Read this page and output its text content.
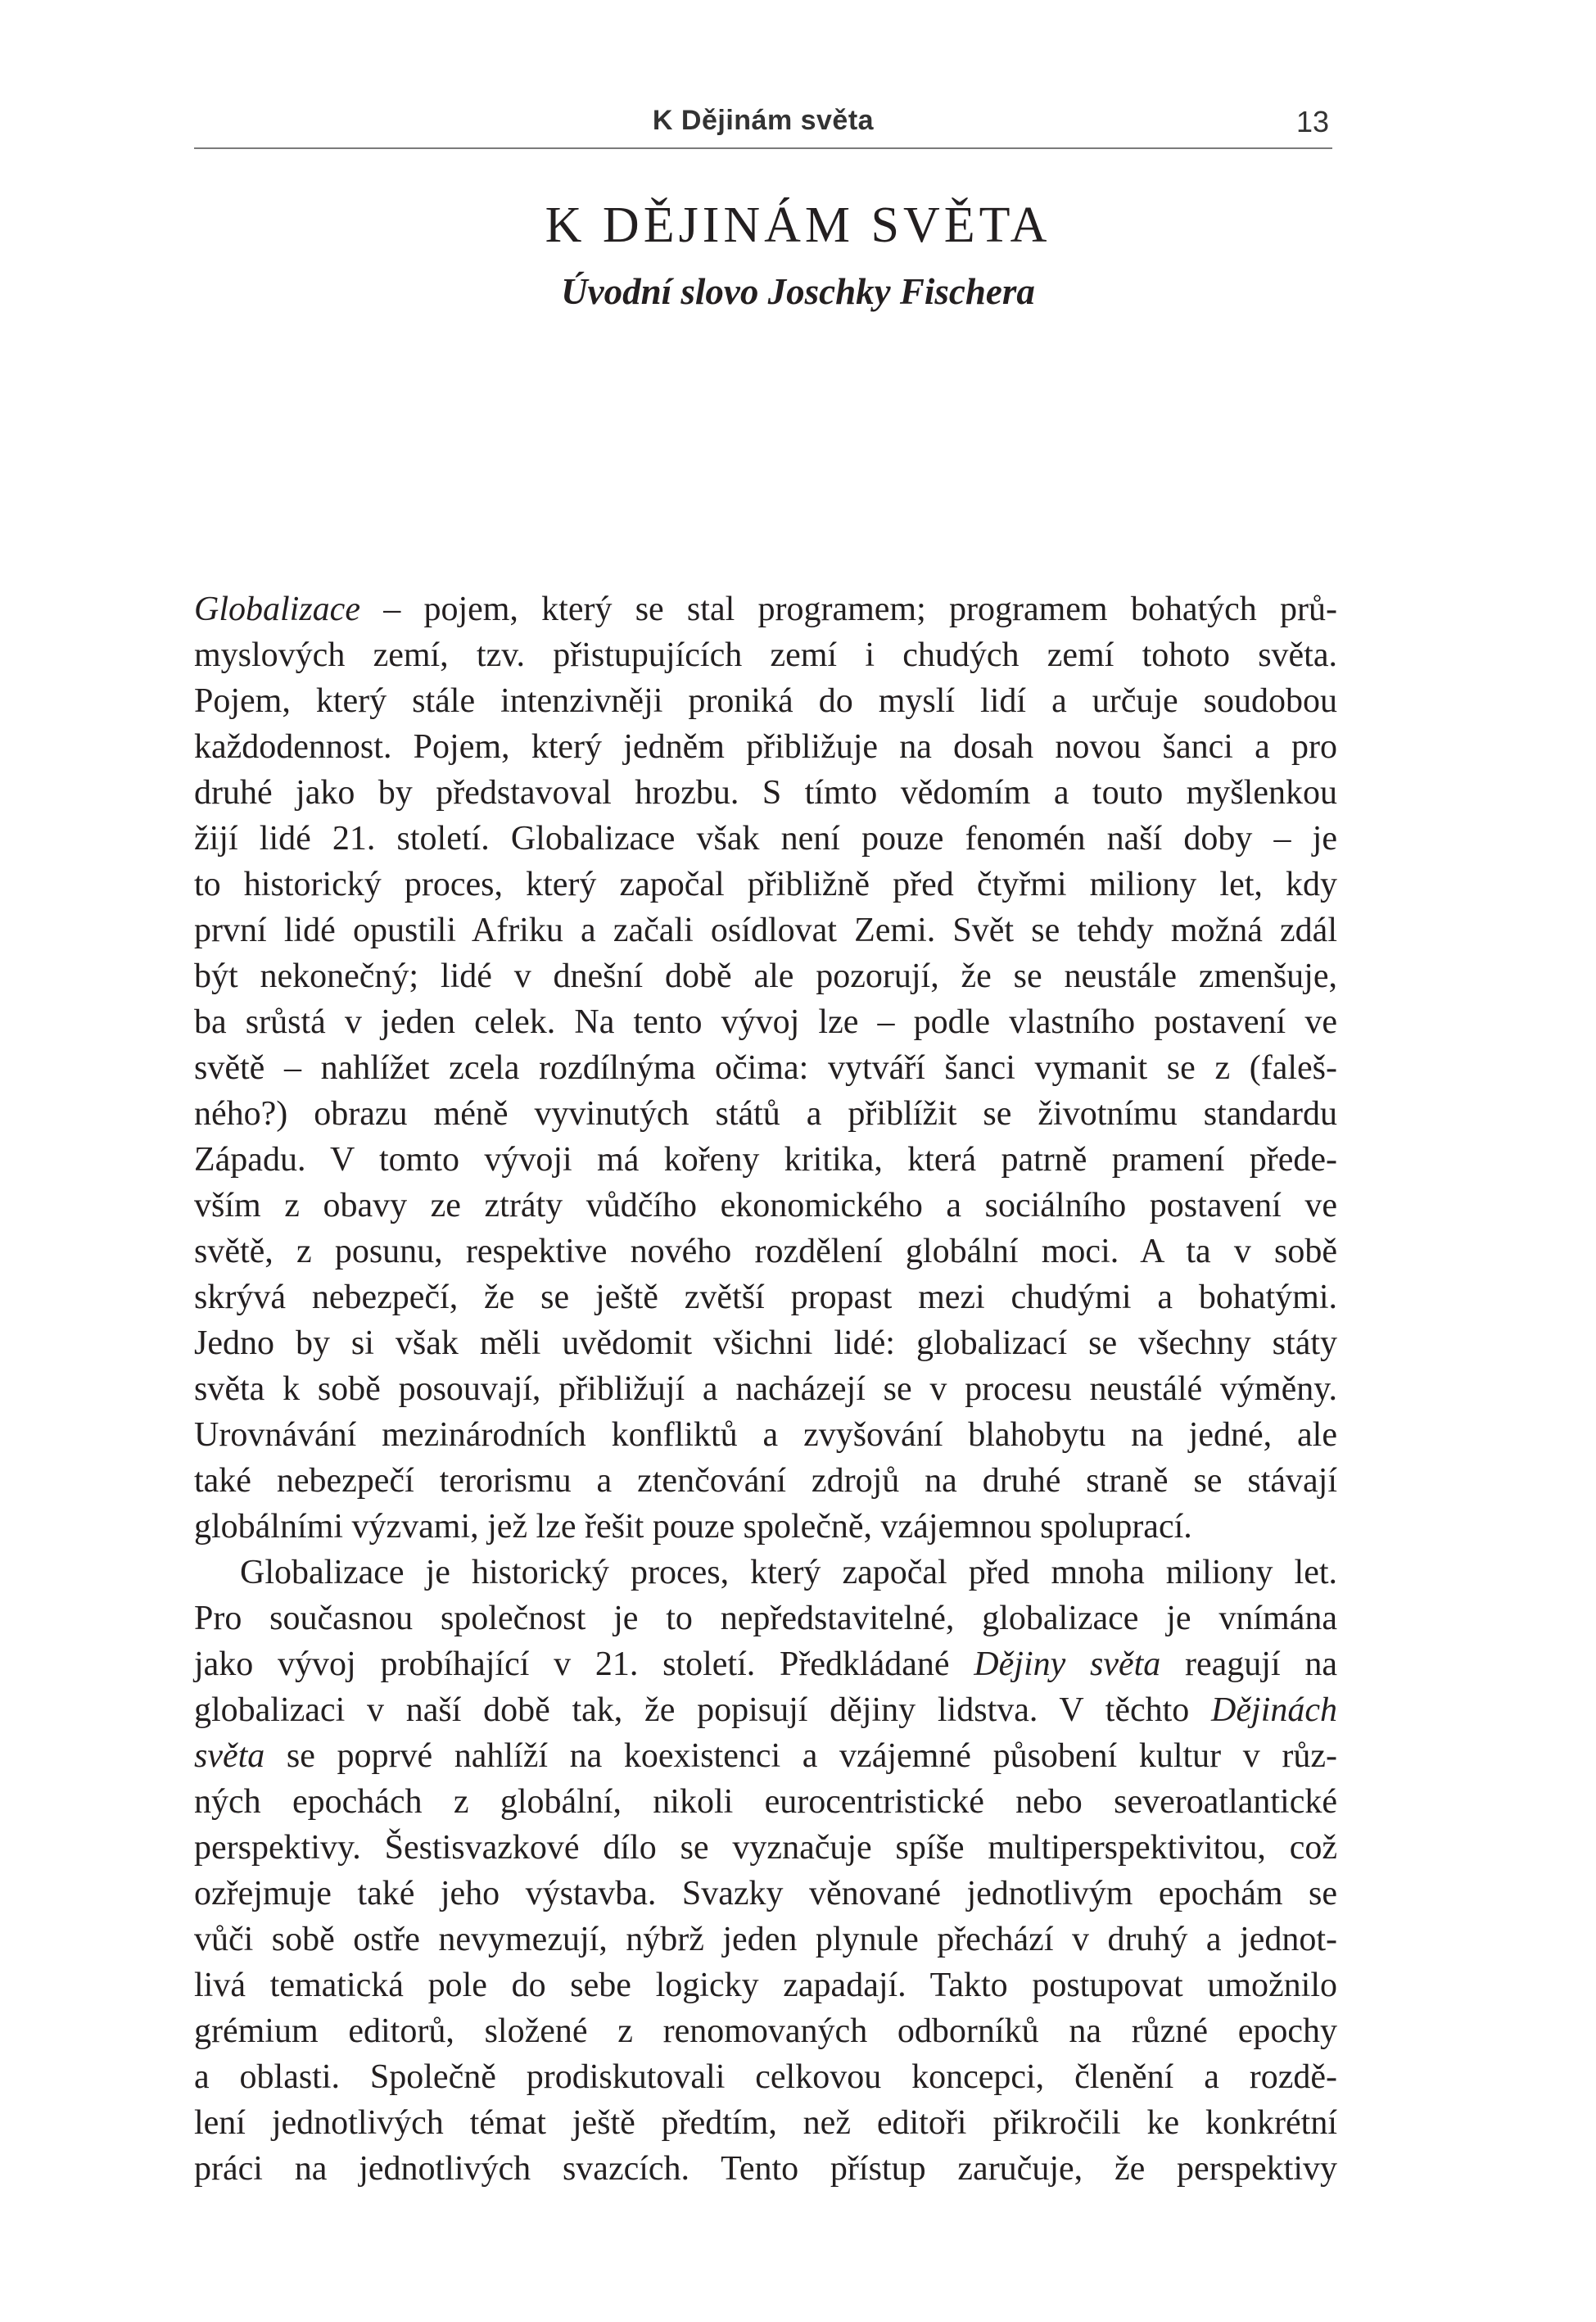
K Dějinám světa	13
K DĚJINÁM SVĚTA
Úvodní slovo Joschky Fischera

Globalizace – pojem, který se stal programem; programem bohatých prů-
myslových zemí, tzv. přistupujících zemí i chudých zemí tohoto světa.
Pojem, který stále intenzivněji proniká do myslí lidí a určuje soudobou
každodennost. Pojem, který jedněm přibližuje na dosah novou šanci a pro
druhé jako by představoval hrozbu. S tímto vědomím a touto myšlenkou
žijí lidé 21. století. Globalizace však není pouze fenomén naší doby – je
to historický proces, který započal přibližně před čtyřmi miliony let, kdy
první lidé opustili Afriku a začali osídlovat Zemi. Svět se tehdy možná zdál
být nekonečný; lidé v dnešní době ale pozorují, že se neustále zmenšuje,
ba srůstá v jeden celek. Na tento vývoj lze – podle vlastního postavení ve
světě – nahlížet zcela rozdílnýma očima: vytváří šanci vymanit se z (faleš-
ného?) obrazu méně vyvinutých států a přiblížit se životnímu standardu
Západu. V tomto vývoji má kořeny kritika, která patrně pramení přede-
vším z obavy ze ztráty vůdčího ekonomického a sociálního postavení ve
světě, z posunu, respektive nového rozdělení globální moci. A ta v sobě
skrývá nebezpečí, že se ještě zvětší propast mezi chudými a bohatými.
Jedno by si však měli uvědomit všichni lidé: globalizací se všechny státy
světa k sobě posouvají, přibližují a nacházejí se v procesu neustálé výměny.
Urovnávání mezinárodních konfliktů a zvyšování blahobytu na jedné, ale
také nebezpečí terorismu a ztenčování zdrojů na druhé straně se stávají
globálními výzvami, jež lze řešit pouze společně, vzájemnou spoluprací.

Globalizace je historický proces, který započal před mnoha miliony let.
Pro současnou společnost je to nepředstavitelné, globalizace je vnímána
jako vývoj probíhající v 21. století. Předkládané Dějiny světa reagují na
globalizaci v naší době tak, že popisují dějiny lidstva. V těchto Dějinách
světa se poprvé nahlíží na koexistenci a vzájemné působení kultur v růz-
ných epochách z globální, nikoli eurocentristické nebo severoatlantické
perspektivy. Šestisvazkové dílo se vyznačuje spíše multiperspektivitou, což
ozřejmuje také jeho výstavba. Svazky věnované jednotlivým epochám se
vůči sobě ostře nevymezují, nýbrž jeden plynule přechází v druhý a jednot-
livá tematická pole do sebe logicky zapadají. Takto postupovat umožnilo
grémium editorů, složené z renomovaných odborníků na různé epochy
a oblasti. Společně prodiskutovali celkovou koncepci, členění a rozdě-
lení jednotlivých témat ještě předtím, než editoři přikročili ke konkrétní
práci na jednotlivých svazcích. Tento přístup zaručuje, že perspektivy
